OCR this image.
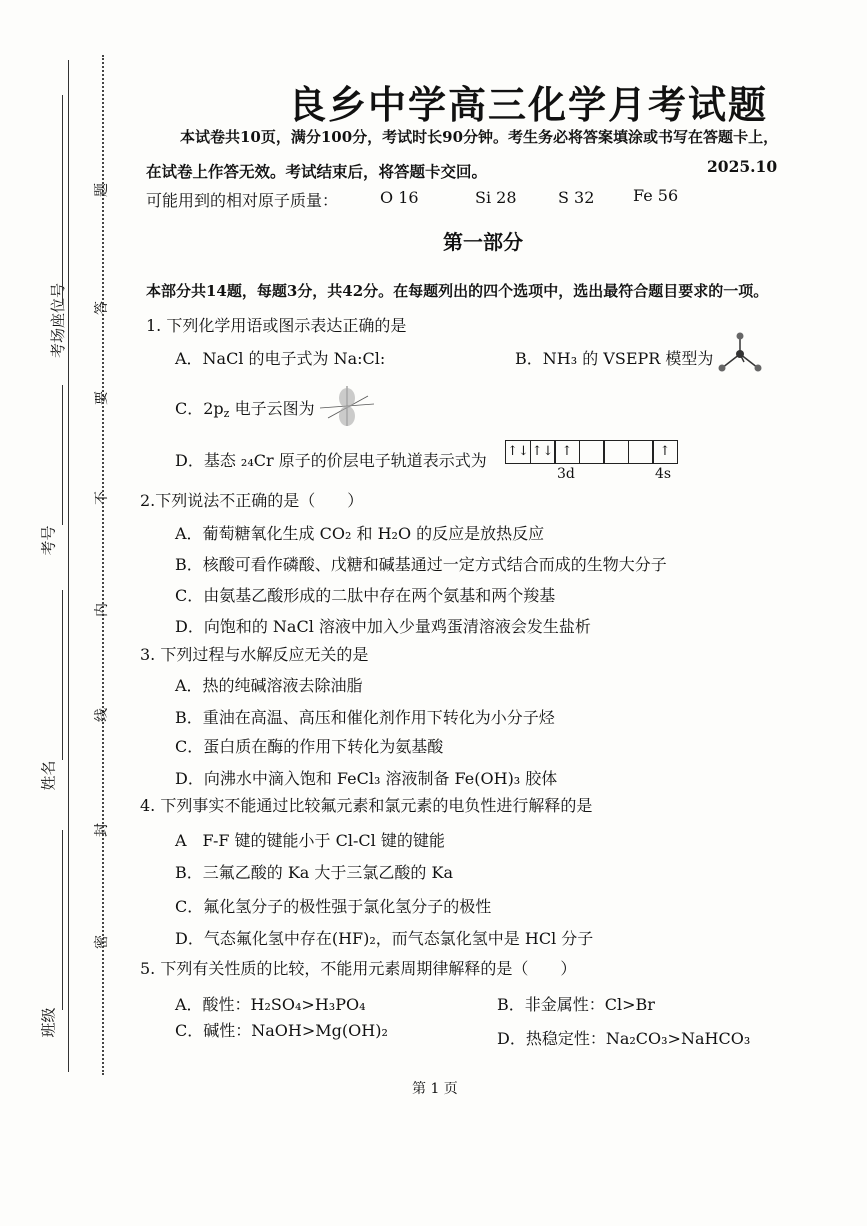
考场座位号
考号
姓名
班级
题
答
要
不
内
线
封
密
良乡中学高三化学月考试题
本试卷共10页，满分100分，考试时长90分钟。考生务必将答案填涂或书写在答题卡上，
在试卷上作答无效。考试结束后，将答题卡交回。	2025.10
可能用到的相对原子质量：	O 16	Si 28	S 32 Fe 56
第一部分
本部分共14题，每题3分，共42分。在每题列出的四个选项中，选出最符合题目要求的一项。
1. 下列化学用语或图示表达正确的是
A．NaCl 的电子式为 Na:Cl:	B．NH₃ 的 VSEPR 模型为
C．$2p_z$ 电子云图为
D．基态 ₂₄Cr 原子的价层电子轨道表示式为 ↑↓ ↑↓ ↑	↑
3d	4s
2.下列说法不正确的是（　　）
A．葡萄糖氧化生成 CO₂ 和 H₂O 的反应是放热反应
B．核酸可看作磷酸、戊糖和碱基通过一定方式结合而成的生物大分子
C．由氨基乙酸形成的二肽中存在两个氨基和两个羧基
D．向饱和的 NaCl 溶液中加入少量鸡蛋清溶液会发生盐析
3. 下列过程与水解反应无关的是
A．热的纯碱溶液去除油脂
B．重油在高温、高压和催化剂作用下转化为小分子烃
C．蛋白质在酶的作用下转化为氨基酸
D．向沸水中滴入饱和 FeCl₃ 溶液制备 Fe(OH)₃ 胶体
4. 下列事实不能通过比较氟元素和氯元素的电负性进行解释的是
A　F-F 键的键能小于 Cl-Cl 键的键能
B．三氟乙酸的 Ka 大于三氯乙酸的 Ka
C．氟化氢分子的极性强于氯化氢分子的极性
D．气态氟化氢中存在(HF)₂，而气态氯化氢中是 HCl 分子
5. 下列有关性质的比较，不能用元素周期律解释的是（　　）
A．酸性：H₂SO₄>H₃PO₄	B．非金属性：Cl>Br
C．碱性：NaOH>Mg(OH)₂	D．热稳定性：Na₂CO₃>NaHCO₃
第 1 页
